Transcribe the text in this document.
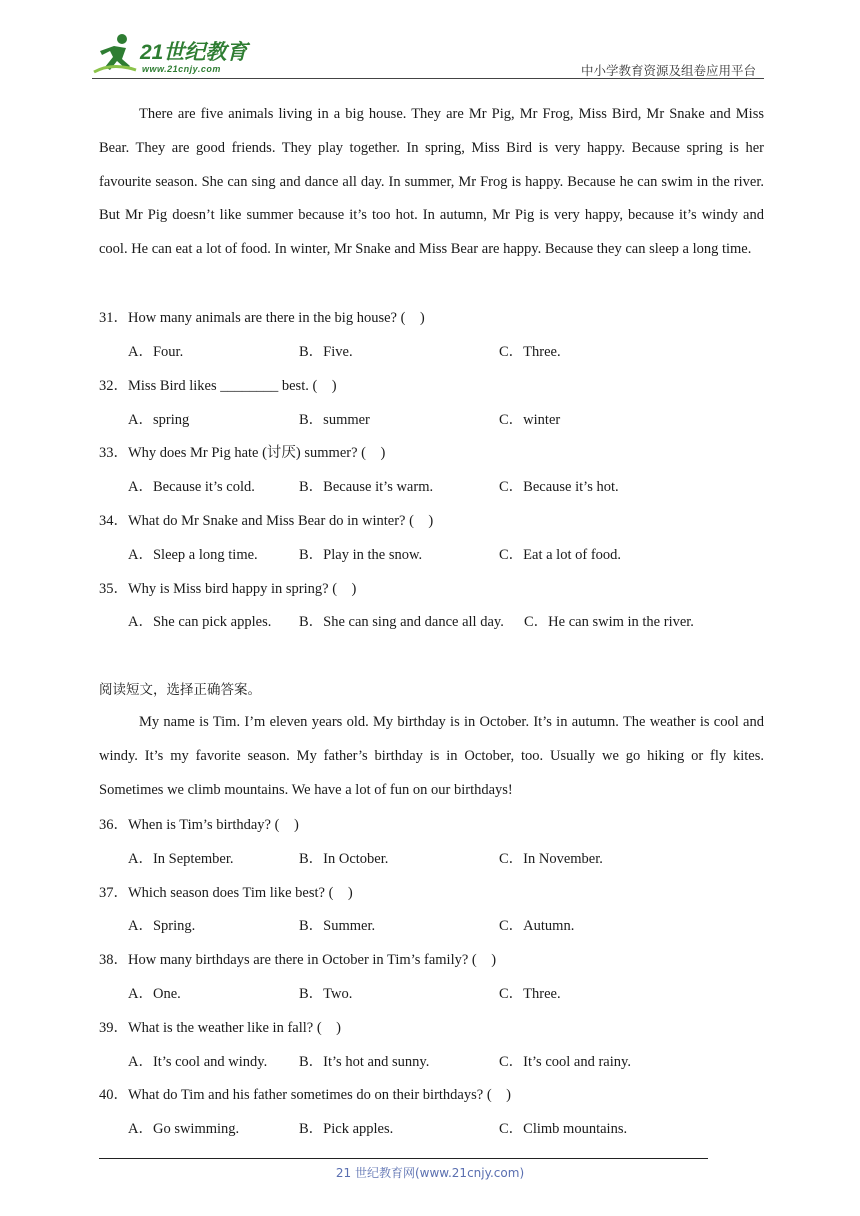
21世纪教育
www.21cnjy.com	中小学教育资源及组卷应用平台

There are five animals living in a big house. They are Mr Pig, Mr Frog, Miss Bird, Mr Snake and Miss Bear. They are good friends. They play together. In spring, Miss Bird is very happy. Because spring is her favourite season. She can sing and dance all day. In summer, Mr Frog is happy. Because he can swim in the river. But Mr Pig doesn’t like summer because it’s too hot. In autumn, Mr Pig is very happy, because it’s windy and cool. He can eat a lot of food. In winter, Mr Snake and Miss Bear are happy. Because they can sleep a long time.

31．How many animals are there in the big house? (　)
A．Four.	B．Five.	C．Three.
32．Miss Bird likes ________ best. (　)
A．spring	B．summer	C．winter
33．Why does Mr Pig hate (讨厌) summer? (　)
A．Because it’s cold.	B．Because it’s warm.	C．Because it’s hot.
34．What do Mr Snake and Miss Bear do in winter? (　)
A．Sleep a long time.	B．Play in the snow.	C．Eat a lot of food.
35．Why is Miss bird happy in spring? (　)
A．She can pick apples. B．She can sing and dance all day. C．He can swim in the river.
阅读短文，选择正确答案。

My name is Tim. I’m eleven years old. My birthday is in October. It’s in autumn. The weather is cool and windy. It’s my favorite season. My father’s birthday is in October, too. Usually we go hiking or fly kites. Sometimes we climb mountains. We have a lot of fun on our birthdays!

36．When is Tim’s birthday? (　)
A．In September.	B．In October.	C．In November.
37．Which season does Tim like best? (　)
A．Spring.	B．Summer.	C．Autumn.
38．How many birthdays are there in October in Tim’s family? (　)
A．One.	B．Two.	C．Three.
39．What is the weather like in fall? (　)
A．It’s cool and windy. B．It’s hot and sunny.	C．It’s cool and rainy.
40．What do Tim and his father sometimes do on their birthdays? (　)
A．Go swimming.	B．Pick apples.	C．Climb mountains.
21 世纪教育网(www.21cnjy.com)
